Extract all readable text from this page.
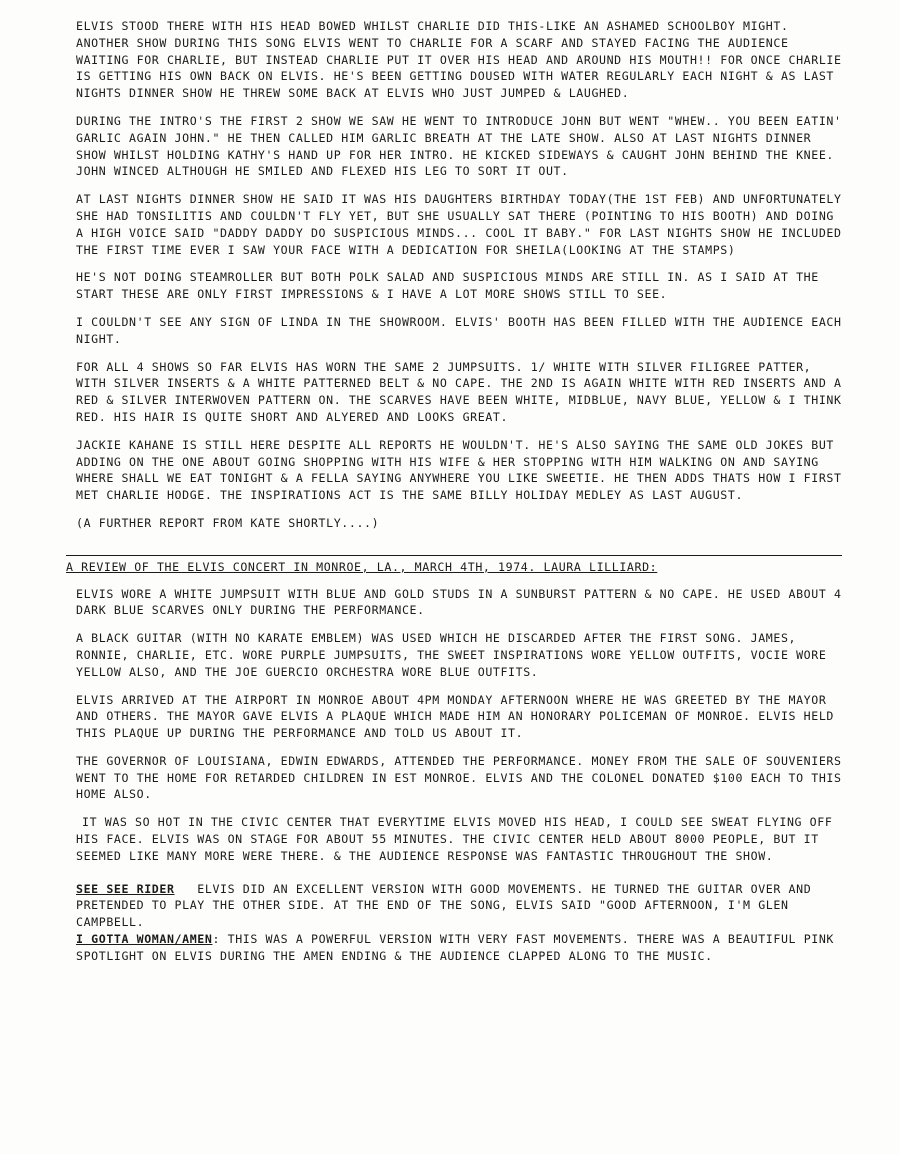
ELVIS STOOD THERE WITH HIS HEAD BOWED WHILST CHARLIE DID THIS-LIKE AN ASHAMED SCHOOLBOY MIGHT. ANOTHER SHOW DURING THIS SONG ELVIS WENT TO CHARLIE FOR A SCARF AND STAYED FACING THE AUDIENCE WAITING FOR CHARLIE, BUT INSTEAD CHARLIE PUT IT OVER HIS HEAD AND AROUND HIS MOUTH!! FOR ONCE CHARLIE IS GETTING HIS OWN BACK ON ELVIS. HE'S BEEN GETTING DOUSED WITH WATER REGULARLY EACH NIGHT & AS LAST NIGHTS DINNER SHOW HE THREW SOME BACK AT ELVIS WHO JUST JUMPED & LAUGHED.

DURING THE INTRO'S THE FIRST 2 SHOW WE SAW HE WENT TO INTRODUCE JOHN BUT WENT "WHEW.. YOU BEEN EATIN' GARLIC AGAIN JOHN." HE THEN CALLED HIM GARLIC BREATH AT THE LATE SHOW. ALSO AT LAST NIGHTS DINNER SHOW WHILST HOLDING KATHY'S HAND UP FOR HER INTRO. HE KICKED SIDEWAYS & CAUGHT JOHN BEHIND THE KNEE. JOHN WINCED ALTHOUGH HE SMILED AND FLEXED HIS LEG TO SORT IT OUT.

AT LAST NIGHTS DINNER SHOW HE SAID IT WAS HIS DAUGHTERS BIRTHDAY TODAY(THE 1ST FEB) AND UNFORTUNATELY SHE HAD TONSILITIS AND COULDN'T FLY YET, BUT SHE USUALLY SAT THERE (POINTING TO HIS BOOTH) AND DOING A HIGH VOICE SAID "DADDY DADDY DO SUSPICIOUS MINDS... COOL IT BABY." FOR LAST NIGHTS SHOW HE INCLUDED THE FIRST TIME EVER I SAW YOUR FACE WITH A DEDICATION FOR SHEILA(LOOKING AT THE STAMPS)

HE'S NOT DOING STEAMROLLER BUT BOTH POLK SALAD AND SUSPICIOUS MINDS ARE STILL IN. AS I SAID AT THE START THESE ARE ONLY FIRST IMPRESSIONS & I HAVE A LOT MORE SHOWS STILL TO SEE.

I COULDN'T SEE ANY SIGN OF LINDA IN THE SHOWROOM. ELVIS' BOOTH HAS BEEN FILLED WITH THE AUDIENCE EACH NIGHT.

FOR ALL 4 SHOWS SO FAR ELVIS HAS WORN THE SAME 2 JUMPSUITS. 1/ WHITE WITH SILVER FILIGREE PATTER, WITH SILVER INSERTS & A WHITE PATTERNED BELT & NO CAPE. THE 2ND IS AGAIN WHITE WITH RED INSERTS AND A RED & SILVER INTERWOVEN PATTERN ON. THE SCARVES HAVE BEEN WHITE, MIDBLUE, NAVY BLUE, YELLOW & I THINK RED. HIS HAIR IS QUITE SHORT AND ALYERED AND LOOKS GREAT.

JACKIE KAHANE IS STILL HERE DESPITE ALL REPORTS HE WOULDN'T. HE'S ALSO SAYING THE SAME OLD JOKES BUT ADDING ON THE ONE ABOUT GOING SHOPPING WITH HIS WIFE & HER STOPPING WITH HIM WALKING ON AND SAYING WHERE SHALL WE EAT TONIGHT & A FELLA SAYING ANYWHERE YOU LIKE SWEETIE. HE THEN ADDS THATS HOW I FIRST MET CHARLIE HODGE. THE INSPIRATIONS ACT IS THE SAME BILLY HOLIDAY MEDLEY AS LAST AUGUST.

(A FURTHER REPORT FROM KATE SHORTLY....)

A REVIEW OF THE ELVIS CONCERT IN MONROE, LA., MARCH 4TH, 1974. LAURA LILLIARD:

ELVIS WORE A WHITE JUMPSUIT WITH BLUE AND GOLD STUDS IN A SUNBURST PATTERN & NO CAPE. HE USED ABOUT 4 DARK BLUE SCARVES ONLY DURING THE PERFORMANCE.

A BLACK GUITAR (WITH NO KARATE EMBLEM) WAS USED WHICH HE DISCARDED AFTER THE FIRST SONG. JAMES, RONNIE, CHARLIE, ETC. WORE PURPLE JUMPSUITS, THE SWEET INSPIRATIONS WORE YELLOW OUTFITS, VOCIE WORE YELLOW ALSO, AND THE JOE GUERCIO ORCHESTRA WORE BLUE OUTFITS.

ELVIS ARRIVED AT THE AIRPORT IN MONROE ABOUT 4PM MONDAY AFTERNOON WHERE HE WAS GREETED BY THE MAYOR AND OTHERS. THE MAYOR GAVE ELVIS A PLAQUE WHICH MADE HIM AN HONORARY POLICEMAN OF MONROE. ELVIS HELD THIS PLAQUE UP DURING THE PERFORMANCE AND TOLD US ABOUT IT.

THE GOVERNOR OF LOUISIANA, EDWIN EDWARDS, ATTENDED THE PERFORMANCE. MONEY FROM THE SALE OF SOUVENIERS WENT TO THE HOME FOR RETARDED CHILDREN IN EST MONROE. ELVIS AND THE COLONEL DONATED $100 EACH TO THIS HOME ALSO.

IT WAS SO HOT IN THE CIVIC CENTER THAT EVERYTIME ELVIS MOVED HIS HEAD, I COULD SEE SWEAT FLYING OFF HIS FACE. ELVIS WAS ON STAGE FOR ABOUT 55 MINUTES. THE CIVIC CENTER HELD ABOUT 8000 PEOPLE, BUT IT SEEMED LIKE MANY MORE WERE THERE. & THE AUDIENCE RESPONSE WAS FANTASTIC THROUGHOUT THE SHOW.

SEE SEE RIDER ELVIS DID AN EXCELLENT VERSION WITH GOOD MOVEMENTS. HE TURNED THE GUITAR OVER AND PRETENDED TO PLAY THE OTHER SIDE. AT THE END OF THE SONG, ELVIS SAID "GOOD AFTERNOON, I'M GLEN CAMPBELL.

I GOTTA WOMAN/AMEN: THIS WAS A POWERFUL VERSION WITH VERY FAST MOVEMENTS. THERE WAS A BEAUTIFUL PINK SPOTLIGHT ON ELVIS DURING THE AMEN ENDING & THE AUDIENCE CLAPPED ALONG TO THE MUSIC.
